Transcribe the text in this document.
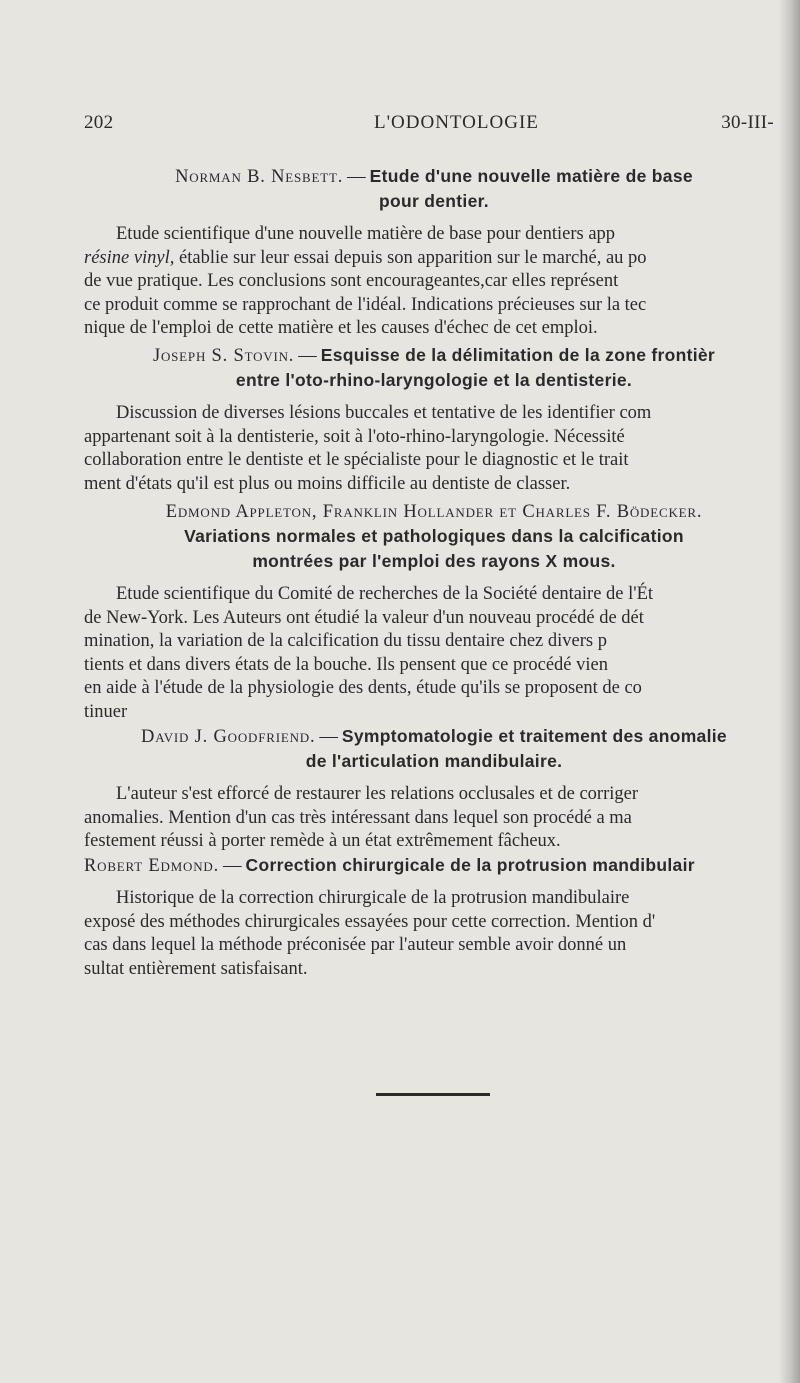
202	L'ODONTOLOGIE	30-III-
Norman B. Nesbett. — Etude d'une nouvelle matière de base
pour dentier.
Etude scientifique d'une nouvelle matière de base pour dentiers app
résine vinyl, établie sur leur essai depuis son apparition sur le marché, au po
de vue pratique. Les conclusions sont encourageantes,car elles représent
ce produit comme se rapprochant de l'idéal. Indications précieuses sur la tec
nique de l'emploi de cette matière et les causes d'échec de cet emploi.
Joseph S. Stovin. — Esquisse de la délimitation de la zone frontièr
entre l'oto-rhino-laryngologie et la dentisterie.
Discussion de diverses lésions buccales et tentative de les identifier com
appartenant soit à la dentisterie, soit à l'oto-rhino-laryngologie. Nécessité
collaboration entre le dentiste et le spécialiste pour le diagnostic et le trait
ment d'états qu'il est plus ou moins difficile au dentiste de classer.
Edmond Appleton, Franklin Hollander et Charles F. Bödecker.
Variations normales et pathologiques dans la calcification
montrées par l'emploi des rayons X mous.
Etude scientifique du Comité de recherches de la Société dentaire de l'Ét
de New-York. Les Auteurs ont étudié la valeur d'un nouveau procédé de dét
mination, la variation de la calcification du tissu dentaire chez divers p
tients et dans divers états de la bouche. Ils pensent que ce procédé vien
en aide à l'étude de la physiologie des dents, étude qu'ils se proposent de co
tinuer
David J. Goodfriend. — Symptomatologie et traitement des anomalie
de l'articulation mandibulaire.
L'auteur s'est efforcé de restaurer les relations occlusales et de corriger
anomalies. Mention d'un cas très intéressant dans lequel son procédé a ma
festement réussi à porter remède à un état extrêmement fâcheux.
Robert Edmond. — Correction chirurgicale de la protrusion mandibulair
Historique de la correction chirurgicale de la protrusion mandibulaire
exposé des méthodes chirurgicales essayées pour cette correction. Mention d'
cas dans lequel la méthode préconisée par l'auteur semble avoir donné un
sultat entièrement satisfaisant.
